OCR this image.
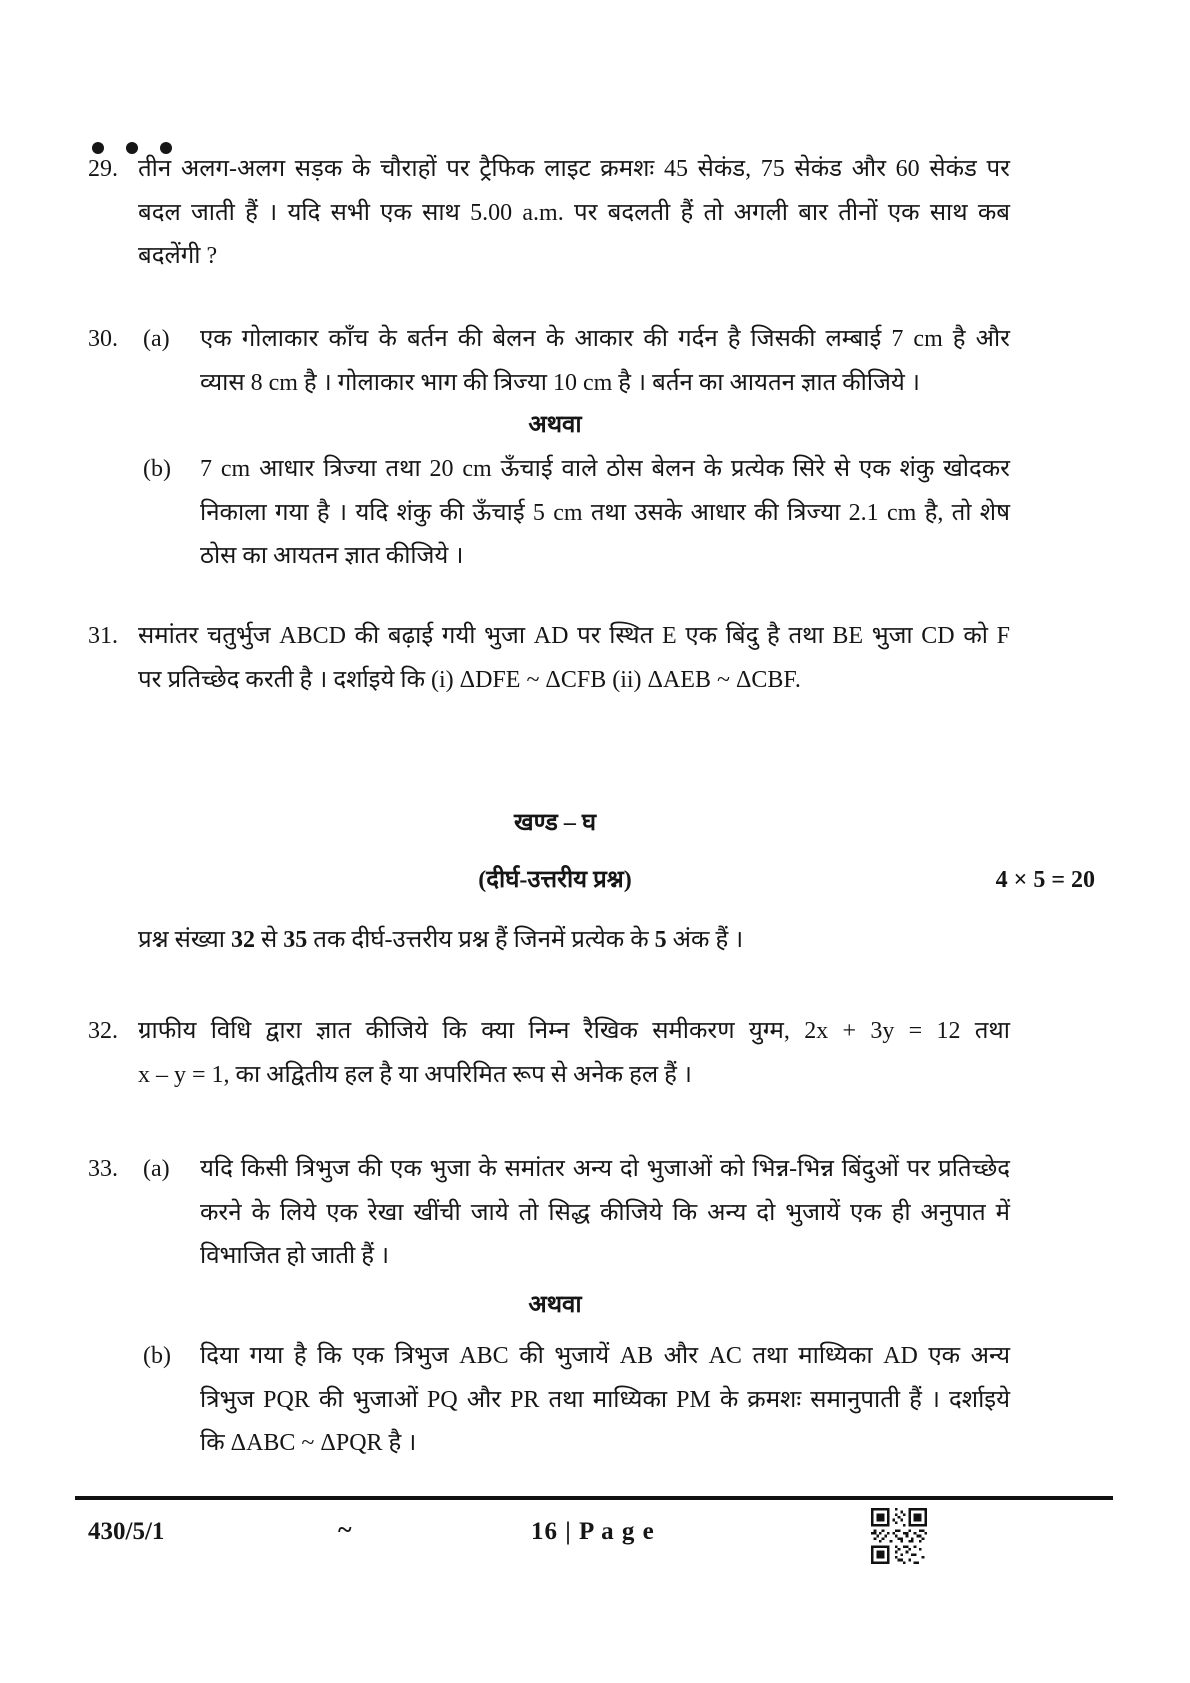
29. तीन अलग-अलग सड़क के चौराहों पर ट्रैफिक लाइट क्रमशः 45 सेकंड, 75 सेकंड और 60 सेकंड पर
बदल जाती हैं । यदि सभी एक साथ 5.00 a.m. पर बदलती हैं तो अगली बार तीनों एक साथ कब
बदलेंगी ?
30.	(a)	एक गोलाकार काँच के बर्तन की बेलन के आकार की गर्दन है जिसकी लम्बाई 7 cm है और
व्यास 8 cm है । गोलाकार भाग की त्रिज्या 10 cm है । बर्तन का आयतन ज्ञात कीजिये ।
अथवा
(b)	7 cm आधार त्रिज्या तथा 20 cm ऊँचाई वाले ठोस बेलन के प्रत्येक सिरे से एक शंकु खोदकर
निकाला गया है । यदि शंकु की ऊँचाई 5 cm तथा उसके आधार की त्रिज्या 2.1 cm है, तो शेष
ठोस का आयतन ज्ञात कीजिये ।
31. समांतर चतुर्भुज ABCD की बढ़ाई गयी भुजा AD पर स्थित E एक बिंदु है तथा BE भुजा CD को F
पर प्रतिच्छेद करती है । दर्शाइये कि (i) ΔDFE ~ ΔCFB (ii) ΔAEB ~ ΔCBF.
खण्ड – घ
(दीर्घ-उत्तरीय प्रश्न)	4 × 5 = 20
प्रश्न संख्या 32 से 35 तक दीर्घ-उत्तरीय प्रश्न हैं जिनमें प्रत्येक के 5 अंक हैं ।
32. ग्राफीय विधि द्वारा ज्ञात कीजिये कि क्या निम्न रैखिक समीकरण युग्म, 2x + 3y = 12 तथा
x – y = 1, का अद्वितीय हल है या अपरिमित रूप से अनेक हल हैं ।
33.	(a)	यदि किसी त्रिभुज की एक भुजा के समांतर अन्य दो भुजाओं को भिन्न-भिन्न बिंदुओं पर प्रतिच्छेद
करने के लिये एक रेखा खींची जाये तो सिद्ध कीजिये कि अन्य दो भुजायें एक ही अनुपात में
विभाजित हो जाती हैं ।
अथवा
(b)	दिया गया है कि एक त्रिभुज ABC की भुजायें AB और AC तथा माध्यिका AD एक अन्य
त्रिभुज PQR की भुजाओं PQ और PR तथा माध्यिका PM के क्रमशः समानुपाती हैं । दर्शाइये
कि ΔABC ~ ΔPQR है ।
430/5/1	~	16 | P a g e
